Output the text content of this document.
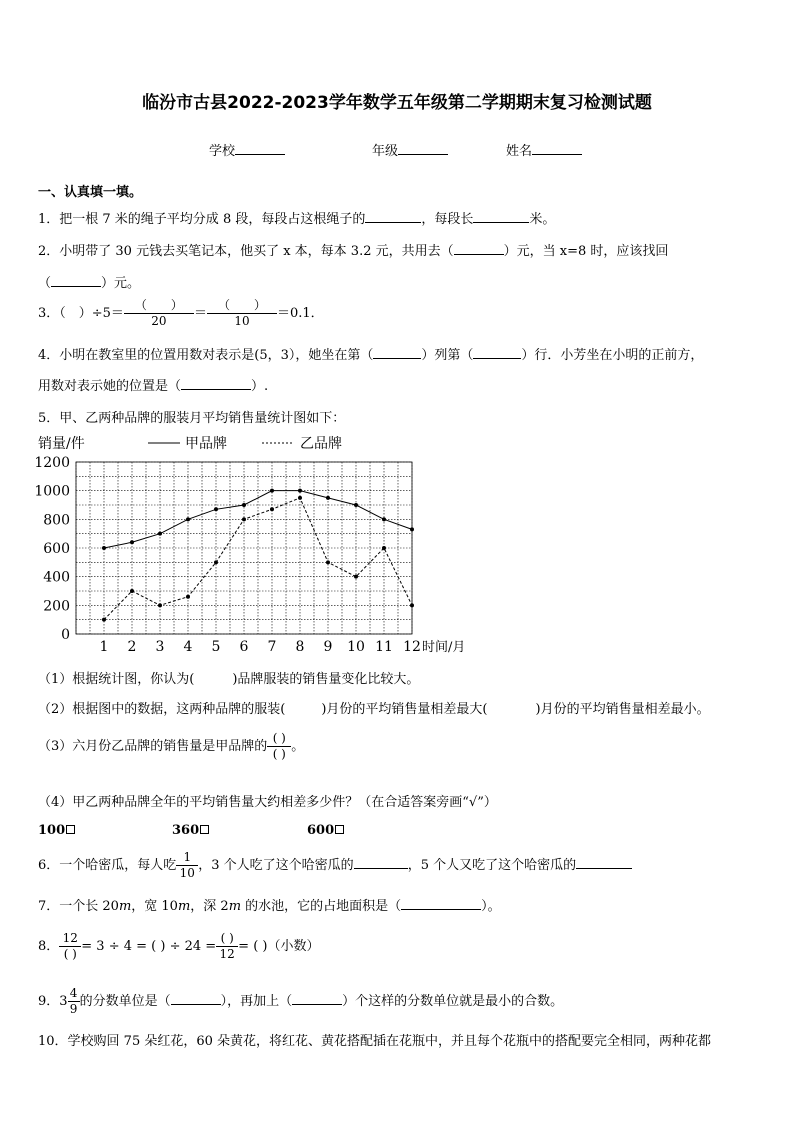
临汾市古县2022-2023学年数学五年级第二学期期末复习检测试题
学校	年级	姓名
一、认真填一填。
1．把一根 7 米的绳子平均分成 8 段，每段占这根绳子的	，每段长	米。
2．小明带了 30 元钱去买笔记本，他买了 x 本，每本 3.2 元，共用去（	）元，当 x=8 时，应该找回
（	）元。
3．（　）$\div 5= \frac{( )}{20} = \frac{( )}{10} =0.1$．
4．小明在教室里的位置用数对表示是(5，3），她坐在第（	）列第（	）行．小芳坐在小明的正前方，
用数对表示她的位置是（	）.
5．甲、乙两种品牌的服装月平均销售量统计图如下：
0
200
400
600
800
1000
1200
1 2 3 4 5 6 7 8 9 10 11 12 时间/月
销量/件	甲品牌	乙品牌
（1）根据统计图，你认为(	)品牌服装的销售量变化比较大。
（2）根据图中的数据，这两种品牌的服装(	)月份的平均销售量相差最大(	)月份的平均销售量相差最小。
（3）六月份乙品牌的销售量是甲品牌的 $\frac{( )}{( )}$ 。
（4）甲乙两种品牌全年的平均销售量大约相差多少件？（在合适答案旁画“√”）
100	360	600
6．一个哈密瓜，每人吃 $\frac{1}{10}$ ，3 个人吃了这个哈密瓜的	，5 个人又吃了这个哈密瓜的
7．一个长 20m，宽 10m，深 2m 的水池，它的占地面积是（	）。
8． $\frac{12}{( )} = 3 \div 4$ = ( ) ÷ $24 = \frac{( )}{12}$ = ( )（小数）
9．$3 \frac{4}{9}$ 的分数单位是（	），再加上（	）个这样的分数单位就是最小的合数。
10．学校购回 75 朵红花，60 朵黄花，将红花、黄花搭配插在花瓶中，并且每个花瓶中的搭配要完全相同，两种花都
